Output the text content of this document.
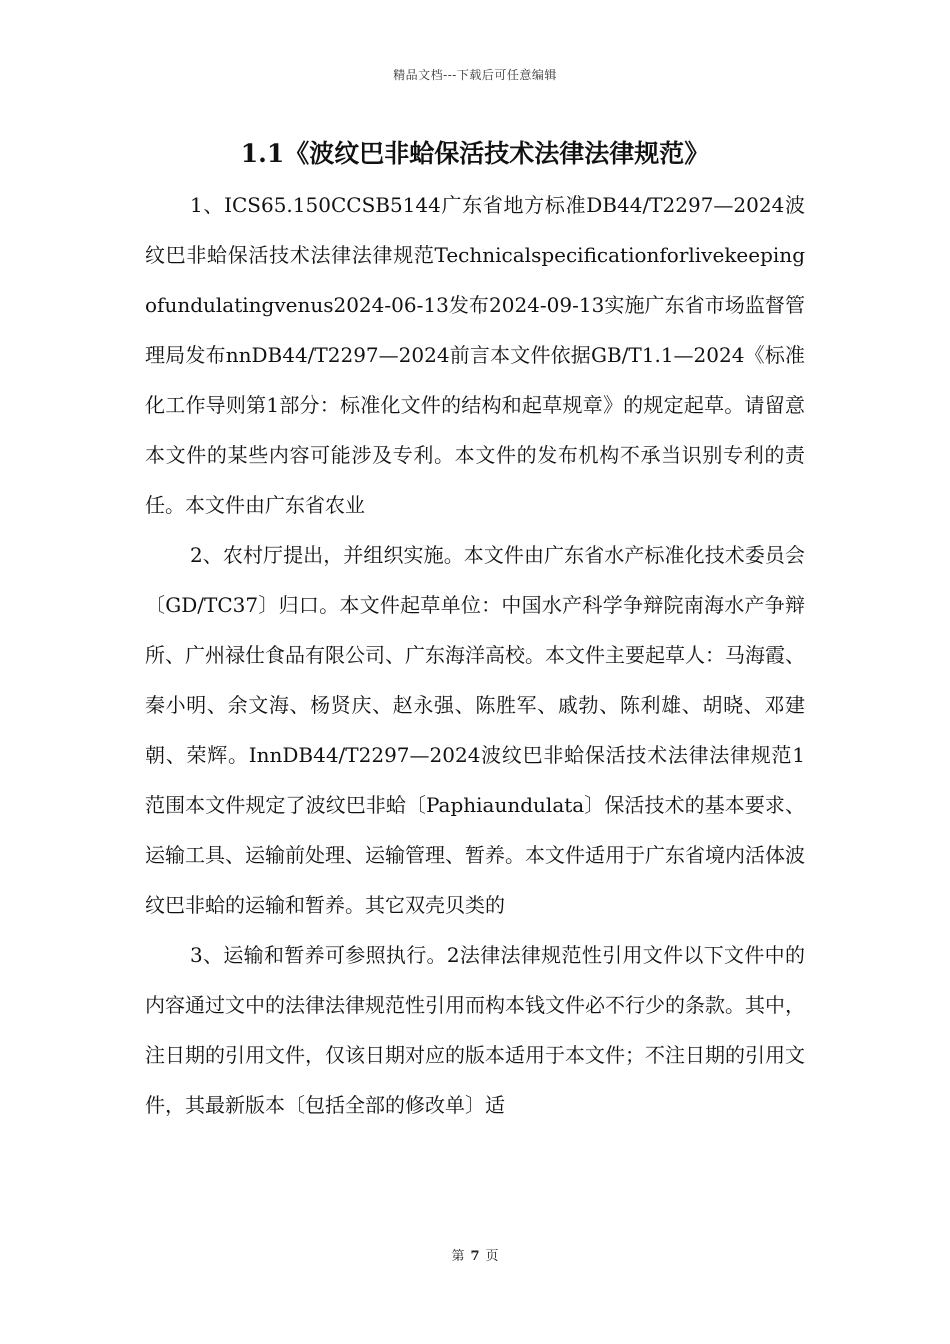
精品文档---下载后可任意编辑
1.1《波纹巴非蛤保活技术法律法律规范》

1、ICS65.150CCSB5144广东省地方标准DB44/T2297—2024波纹巴非蛤保活技术法律法律规范Technicalspecificationforlivekeepingofundulatingvenus2024-06-13发布2024-09-13实施广东省市场监督管理局发布nnDB44/T2297—2024前言本文件依据GB/T1.1—2024《标准化工作导则第1部分：标准化文件的结构和起草规章》的规定起草。请留意本文件的某些内容可能涉及专利。本文件的发布机构不承当识别专利的责任。本文件由广东省农业

2、农村厅提出，并组织实施。本文件由广东省水产标准化技术委员会〔GD/TC37〕归口。本文件起草单位：中国水产科学争辩院南海水产争辩所、广州禄仕食品有限公司、广东海洋高校。本文件主要起草人：马海霞、秦小明、余文海、杨贤庆、赵永强、陈胜军、戚勃、陈利雄、胡晓、邓建朝、荣辉。InnDB44/T2297—2024波纹巴非蛤保活技术法律法律规范1范围本文件规定了波纹巴非蛤〔Paphiaundulata〕保活技术的基本要求、运输工具、运输前处理、运输管理、暂养。本文件适用于广东省境内活体波纹巴非蛤的运输和暂养。其它双壳贝类的

3、运输和暂养可参照执行。2法律法律规范性引用文件以下文件中的内容通过文中的法律法律规范性引用而构本钱文件必不行少的条款。其中，注日期的引用文件，仅该日期对应的版本适用于本文件；不注日期的引用文件，其最新版本〔包括全部的修改单〕适

第 7 页
